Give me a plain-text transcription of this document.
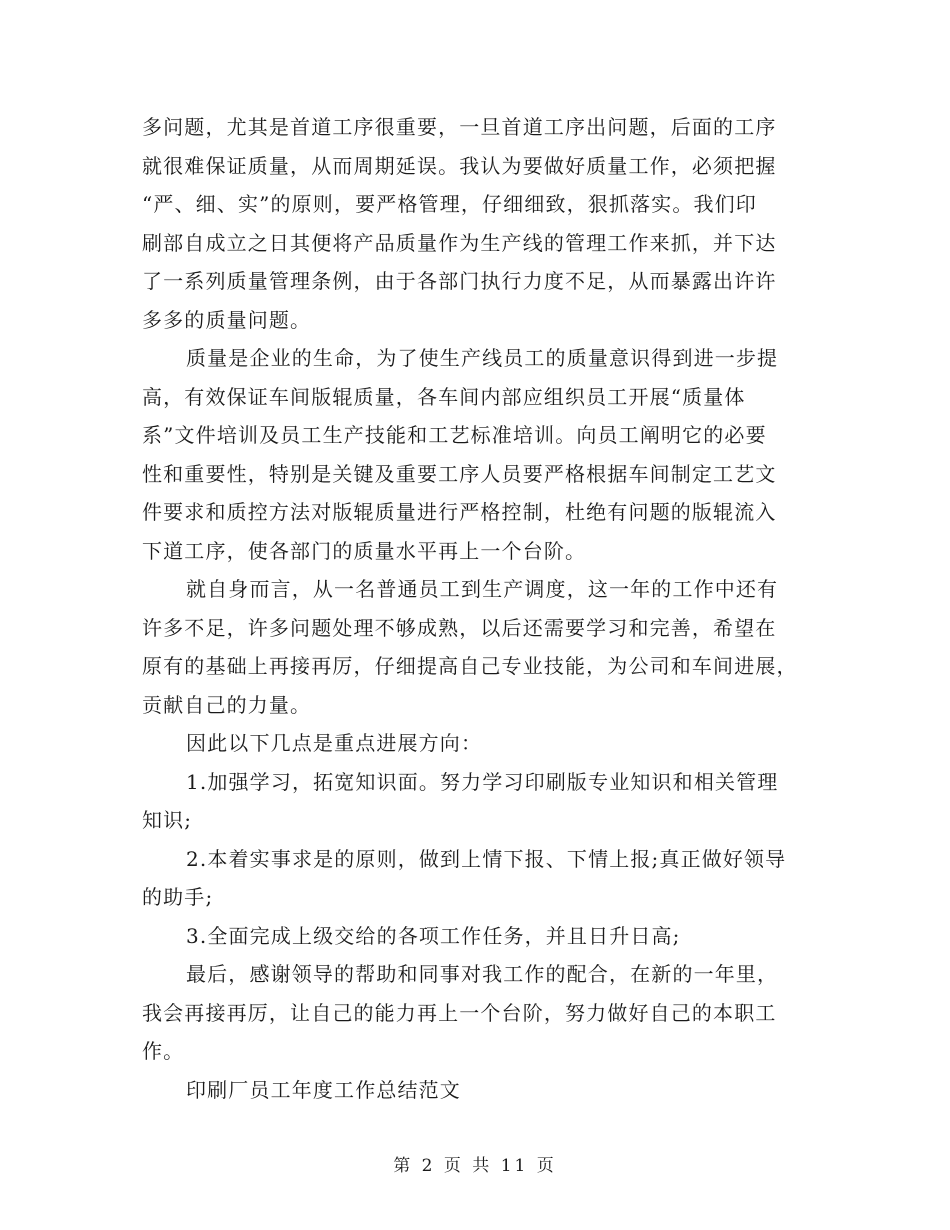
多问题，尤其是首道工序很重要，一旦首道工序出问题，后面的工序
就很难保证质量，从而周期延误。我认为要做好质量工作，必须把握
“严、细、实”的原则，要严格管理，仔细细致，狠抓落实。我们印
刷部自成立之日其便将产品质量作为生产线的管理工作来抓，并下达
了一系列质量管理条例，由于各部门执行力度不足，从而暴露出许许
多多的质量问题。
质量是企业的生命，为了使生产线员工的质量意识得到进一步提
高，有效保证车间版辊质量，各车间内部应组织员工开展“质量体
系”文件培训及员工生产技能和工艺标准培训。向员工阐明它的必要
性和重要性，特别是关键及重要工序人员要严格根据车间制定工艺文
件要求和质控方法对版辊质量进行严格控制，杜绝有问题的版辊流入
下道工序，使各部门的质量水平再上一个台阶。
就自身而言，从一名普通员工到生产调度，这一年的工作中还有
许多不足，许多问题处理不够成熟，以后还需要学习和完善，希望在
原有的基础上再接再厉，仔细提高自己专业技能，为公司和车间进展，
贡献自己的力量。
因此以下几点是重点进展方向：
1.加强学习，拓宽知识面。努力学习印刷版专业知识和相关管理
知识;
2.本着实事求是的原则，做到上情下报、下情上报;真正做好领导
的助手;
3.全面完成上级交给的各项工作任务，并且日升日高;
最后，感谢领导的帮助和同事对我工作的配合，在新的一年里，
我会再接再厉，让自己的能力再上一个台阶，努力做好自己的本职工
作。
印刷厂员工年度工作总结范文
第 2 页 共 11 页
